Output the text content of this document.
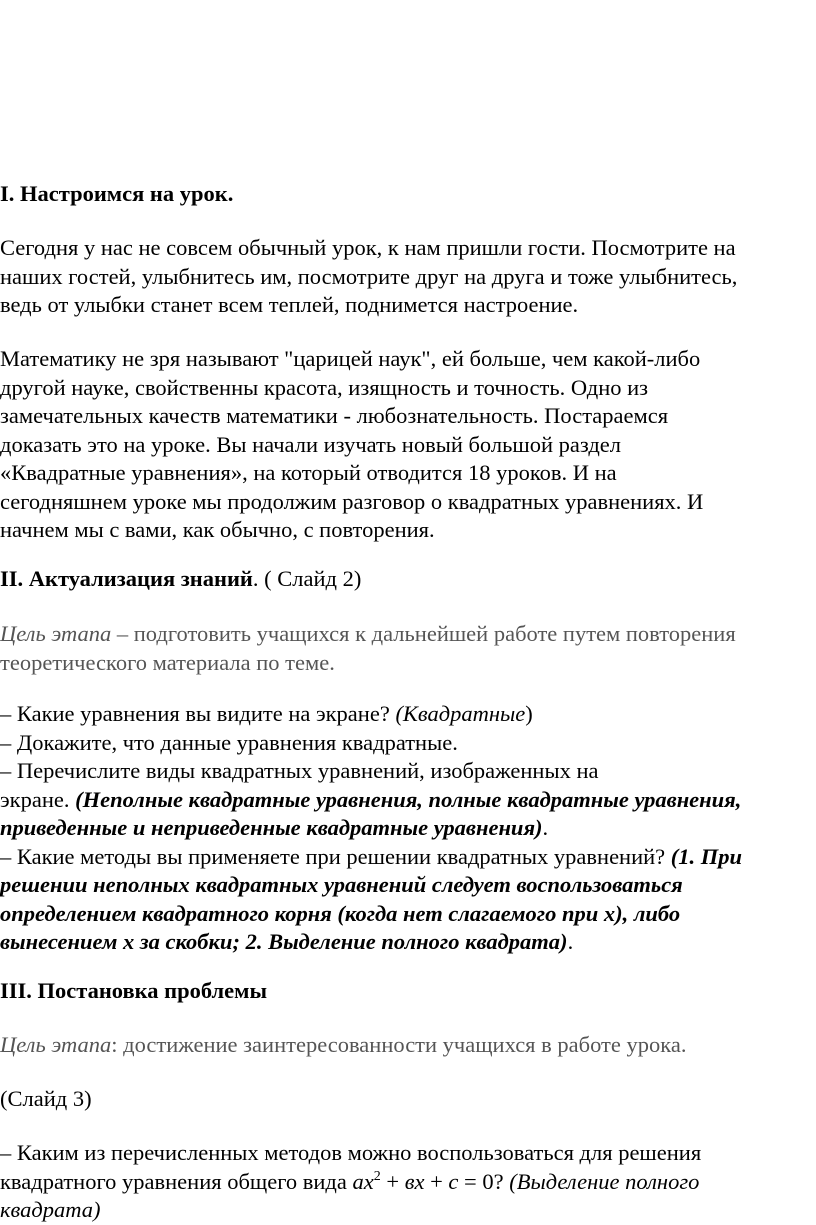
I. Настроимся на урок.

Сегодня у нас не совсем обычный урок, к нам пришли гости. Посмотрите на
наших гостей, улыбнитесь им, посмотрите друг на друга и тоже улыбнитесь,
ведь от улыбки станет всем теплей, поднимется настроение.

Математику не зря называют "царицей наук", ей больше, чем какой-либо
другой науке, свойственны красота, изящность и точность. Одно из
замечательных качеств математики - любознательность. Постараемся
доказать это на уроке. Вы начали изучать новый большой раздел
«Квадратные уравнения», на который отводится 18 уроков. И на
сегодняшнем уроке мы продолжим разговор о квадратных уравнениях. И
начнем мы с вами, как обычно, с повторения.

II. Актуализация знаний. ( Слайд 2)

Цель этапа – подготовить учащихся к дальнейшей работе путем повторения
теоретического материала по теме.

– Какие уравнения вы видите на экране? (Квадратные)
– Докажите, что данные уравнения квадратные.
– Перечислите виды квадратных уравнений, изображенных на
экране. (Неполные квадратные уравнения, полные квадратные уравнения,
приведенные и неприведенные квадратные уравнения).
– Какие методы вы применяете при решении квадратных уравнений? (1. При
решении неполных квадратных уравнений следует воспользоваться
определением квадратного корня (когда нет слагаемого при х), либо
вынесением х за скобки; 2. Выделение полного квадрата).

III. Постановка проблемы

Цель этапа: достижение заинтересованности учащихся в работе урока.

(Слайд 3)

– Каким из перечисленных методов можно воспользоваться для решения
квадратного уравнения общего вида $ах^2$ + вх + с = 0? (Выделение полного
квадрата)
